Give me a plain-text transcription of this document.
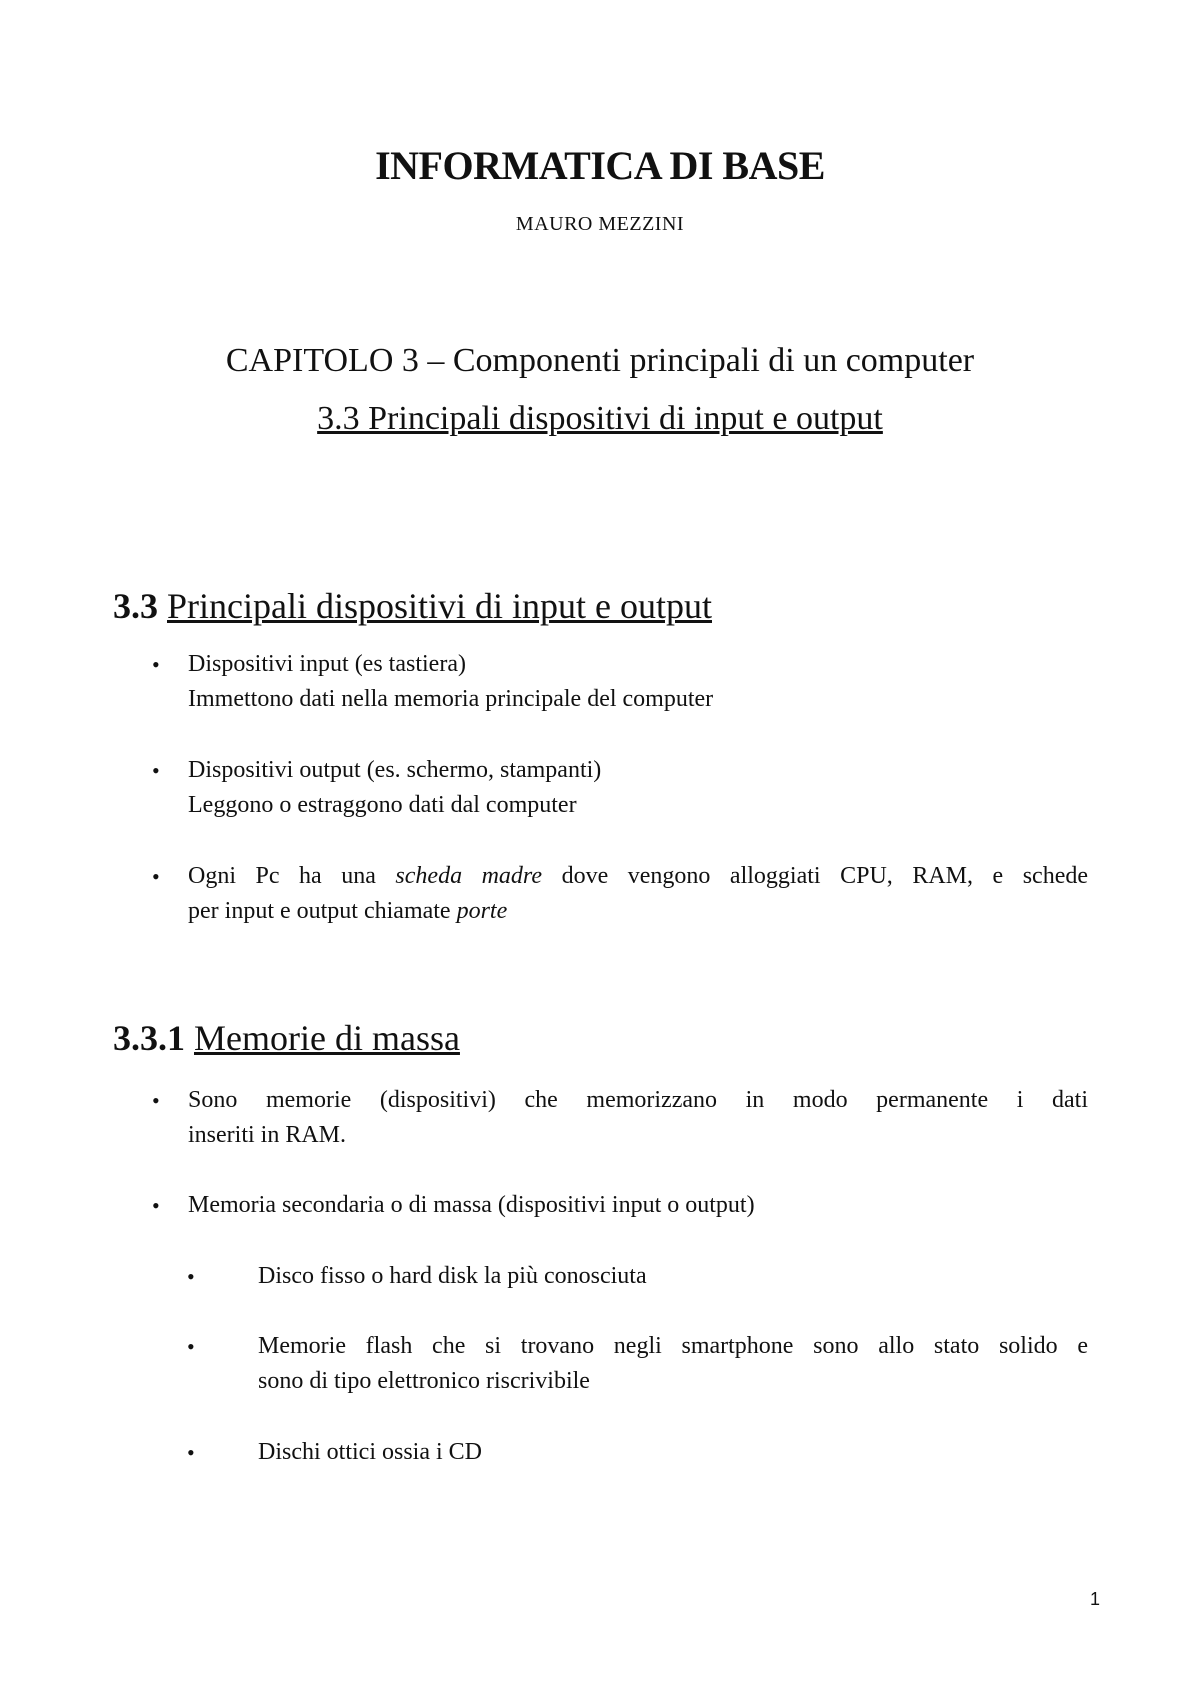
INFORMATICA DI BASE
MAURO MEZZINI
CAPITOLO 3 – Componenti principali di un computer
3.3 Principali dispositivi di input e output
3.3 Principali dispositivi di input e output
• Dispositivi input (es tastiera)
Immettono dati nella memoria principale del computer
• Dispositivi output (es. schermo, stampanti)
Leggono o estraggono dati dal computer
• Ogni Pc ha una scheda madre dove vengono alloggiati CPU, RAM, e schede
per input e output chiamate porte
3.3.1 Memorie di massa
• Sono memorie (dispositivi) che memorizzano in modo permanente i dati
inseriti in RAM.
• Memoria secondaria o di massa (dispositivi input o output)
•	Disco fisso o hard disk la più conosciuta
•	Memorie flash che si trovano negli smartphone sono allo stato solido e
sono di tipo elettronico riscrivibile
•	Dischi ottici ossia i CD
1
